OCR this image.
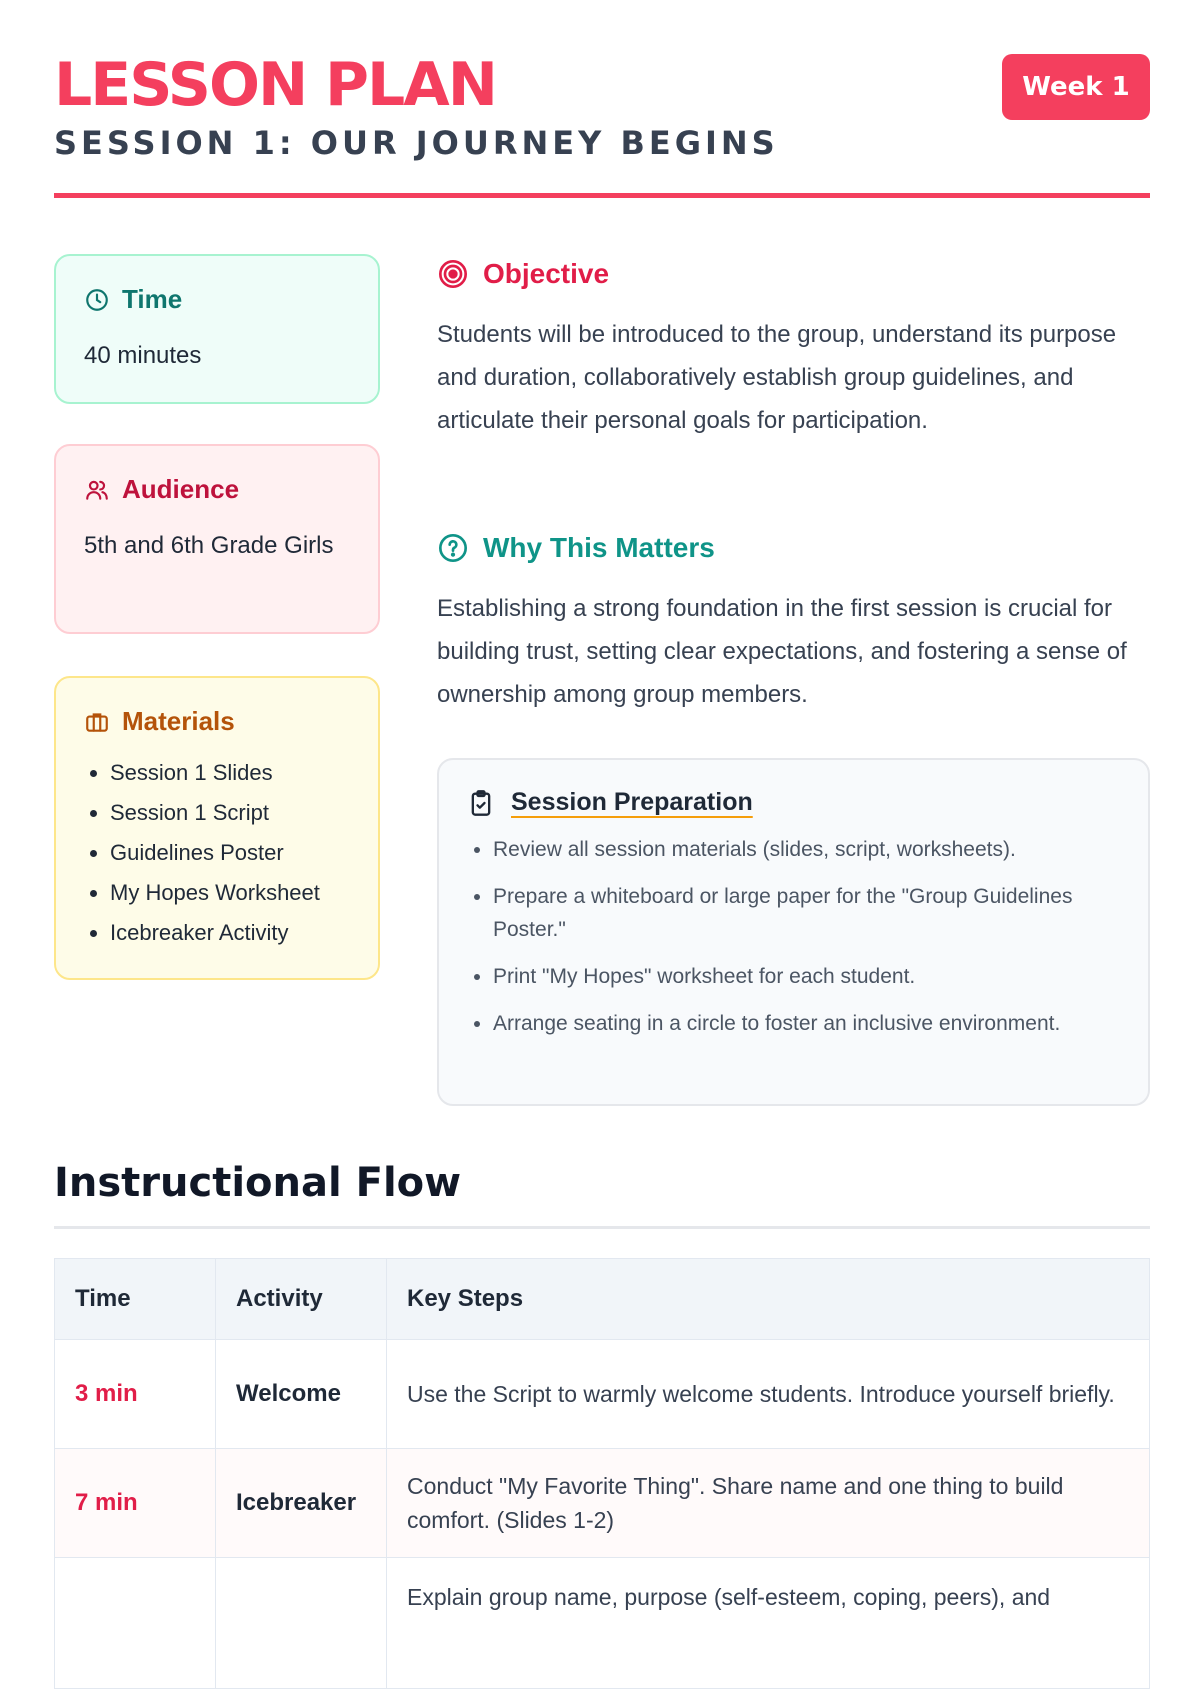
LESSON PLAN
SESSION 1: OUR JOURNEY BEGINS
Week 1
Time
40 minutes
Audience
5th and 6th Grade Girls
Materials
• Session 1 Slides
• Session 1 Script
• Guidelines Poster
• My Hopes Worksheet
• Icebreaker Activity
Objective

Students will be introduced to the group, understand its purpose and duration, collaboratively establish group guidelines, and articulate their personal goals for participation.

Why This Matters

Establishing a strong foundation in the first session is crucial for building trust, setting clear expectations, and fostering a sense of ownership among group members.

Session Preparation
• Review all session materials (slides, script, worksheets).
• Prepare a whiteboard or large paper for the "Group Guidelines Poster."
• Print "My Hopes" worksheet for each student.
• Arrange seating in a circle to foster an inclusive environment.
Instructional Flow
Time	Activity	Key Steps
3 min	Welcome	Use the Script to warmly welcome students. Introduce yourself briefly.
7 min	Icebreaker	Conduct "My Favorite Thing". Share name and one thing to build comfort. (Slides 1-2)
		Explain group name, purpose (self-esteem, coping, peers), and
